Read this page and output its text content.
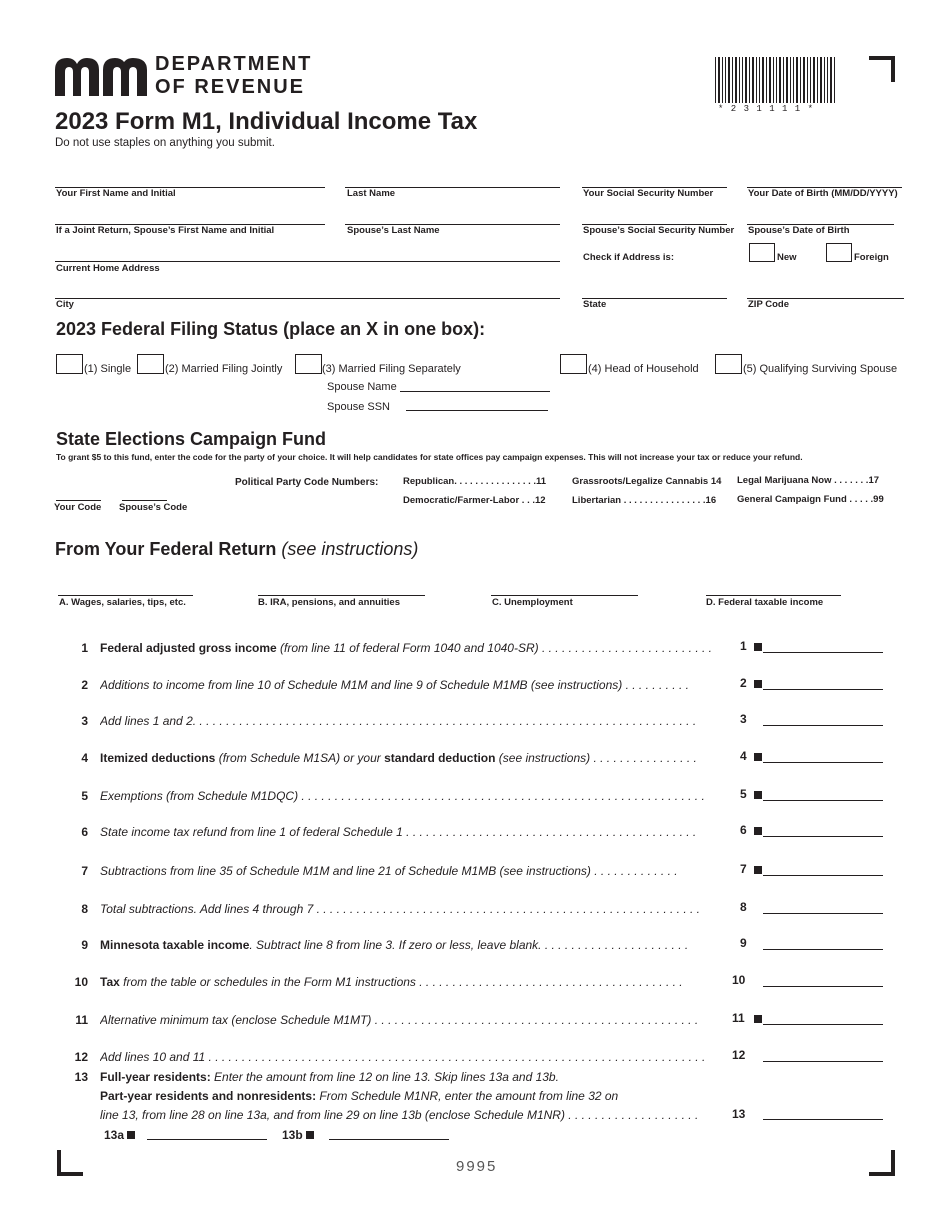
DEPARTMENT
OF REVENUE
* 2 3 1 1 1 1 *
2023 Form M1, Individual Income Tax
Do not use staples on anything you submit.
Your First Name and Initial	Last Name	Your Social Security Number	Your Date of Birth (MM/DD/YYYY)
If a Joint Return, Spouse’s First Name and Initial	Spouse’s Last Name	Spouse’s Social Security Number Spouse’s Date of Birth
Current Home Address
Check if Address is:	New	Foreign
City	State	ZIP Code
2023 Federal Filing Status (place an X in one box):
(1) Single	(2) Married Filing Jointly	(3) Married Filing Separately	(4) Head of Household	(5) Qualifying Surviving Spouse
Spouse Name
Spouse SSN
State Elections Campaign Fund
To grant $5 to this fund, enter the code for the party of your choice. It will help candidates for state offices pay campaign expenses. This will not increase your tax or reduce your refund.
Political Party Code Numbers:	Republican. . . . . . . . . . . . . . . .11
Democratic/Farmer-Labor . . .12
Grassroots/Legalize Cannabis 14
Libertarian . . . . . . . . . . . . . . . .16
Legal Marijuana Now . . . . . . .17
General Campaign Fund . . . . .99
Your Code Spouse’s Code
From Your Federal Return (see instructions)
A. Wages, salaries, tips, etc.	B. IRA, pensions, and annuities	C. Unemployment	D. Federal taxable income
1 Federal adjusted gross income (from line 11 of federal Form 1040 and 1040-SR) . . . . . . . . . . . . . . . . . . . . . . . . . .	1
2 Additions to income from line 10 of Schedule M1M and line 9 of Schedule M1MB (see instructions) . . . . . . . . . .	2
3 Add lines 1 and 2. . . . . . . . . . . . . . . . . . . . . . . . . . . . . . . . . . . . . . . . . . . . . . . . . . . . . . . . . . . . . . . . . . . . . . . . . . . .	3
4 Itemized deductions (from Schedule M1SA) or your standard deduction (see instructions) . . . . . . . . . . . . . . . .	4
5 Exemptions (from Schedule M1DQC) . . . . . . . . . . . . . . . . . . . . . . . . . . . . . . . . . . . . . . . . . . . . . . . . . . . . . . . . . . . . .	5
6 State income tax refund from line 1 of federal Schedule 1 . . . . . . . . . . . . . . . . . . . . . . . . . . . . . . . . . . . . . . . . . . . .	6
7 Subtractions from line 35 of Schedule M1M and line 21 of Schedule M1MB (see instructions) . . . . . . . . . . . . .	7
8 Total subtractions. Add lines 4 through 7 . . . . . . . . . . . . . . . . . . . . . . . . . . . . . . . . . . . . . . . . . . . . . . . . . . . . . . . . . .	8
9 Minnesota taxable income. Subtract line 8 from line 3. If zero or less, leave blank. . . . . . . . . . . . . . . . . . . . . . .	9
10 Tax from the table or schedules in the Form M1 instructions . . . . . . . . . . . . . . . . . . . . . . . . . . . . . . . . . . . . . . . .	10
11 Alternative minimum tax (enclose Schedule M1MT) . . . . . . . . . . . . . . . . . . . . . . . . . . . . . . . . . . . . . . . . . . . . . . . . .	11
12 Add lines 10 and 11 . . . . . . . . . . . . . . . . . . . . . . . . . . . . . . . . . . . . . . . . . . . . . . . . . . . . . . . . . . . . . . . . . . . . . . . . . . .	12
13 Full-year residents: Enter the amount from line 12 on line 13. Skip lines 13a and 13b.
Part-year residents and nonresidents: From Schedule M1NR, enter the amount from line 32 on
line 13, from line 28 on line 13a, and from line 29 on line 13b (enclose Schedule M1NR) . . . . . . . . . . . . . . . . . . . .	13
13a	13b
9995
